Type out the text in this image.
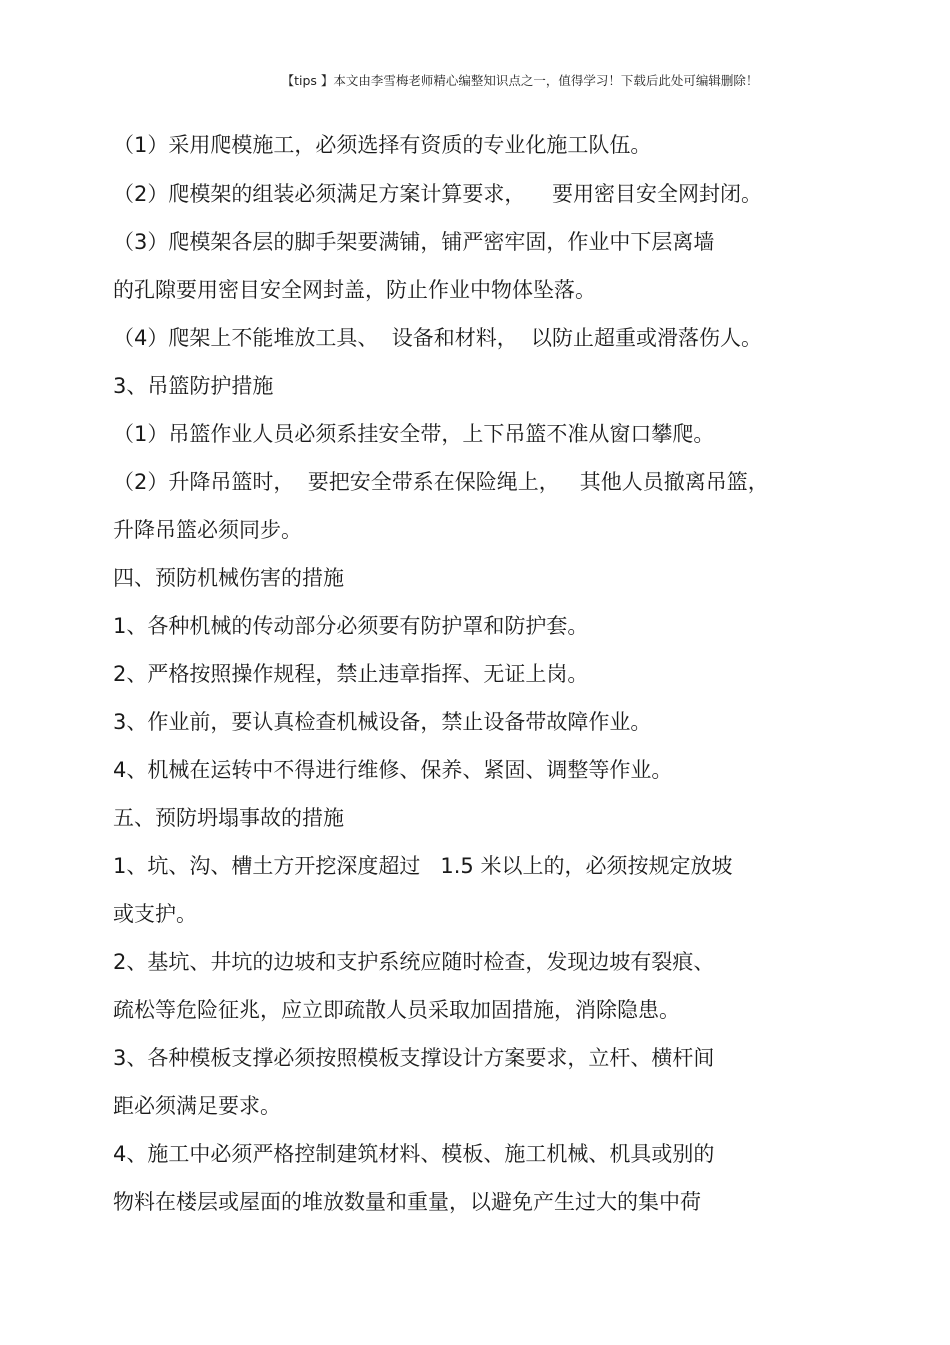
【tips 】本文由李雪梅老师精心编整知识点之一，值得学习！下载后此处可编辑删除！
（1）采用爬模施工，必须选择有资质的专业化施工队伍。
（2）爬模架的组装必须满足方案计算要求，    要用密目安全网封闭。
（3）爬模架各层的脚手架要满铺，铺严密牢固，作业中下层离墙
的孔隙要用密目安全网封盖，防止作业中物体坠落。
（4）爬架上不能堆放工具、  设备和材料，  以防止超重或滑落伤人。
3、吊篮防护措施
（1）吊篮作业人员必须系挂安全带，上下吊篮不准从窗口攀爬。
（2）升降吊篮时，  要把安全带系在保险绳上，   其他人员撤离吊篮，
升降吊篮必须同步。
四、预防机械伤害的措施
1、各种机械的传动部分必须要有防护罩和防护套。
2、严格按照操作规程，禁止违章指挥、无证上岗。
3、作业前，要认真检查机械设备，禁止设备带故障作业。
4、机械在运转中不得进行维修、保养、紧固、调整等作业。
五、预防坍塌事故的措施
1、坑、沟、槽土方开挖深度超过   1.5 米以上的，必须按规定放坡
或支护。
2、基坑、井坑的边坡和支护系统应随时检查，发现边坡有裂痕、
疏松等危险征兆，应立即疏散人员采取加固措施，消除隐患。
3、各种模板支撑必须按照模板支撑设计方案要求，立杆、横杆间
距必须满足要求。
4、施工中必须严格控制建筑材料、模板、施工机械、机具或别的
物料在楼层或屋面的堆放数量和重量，以避免产生过大的集中荷
